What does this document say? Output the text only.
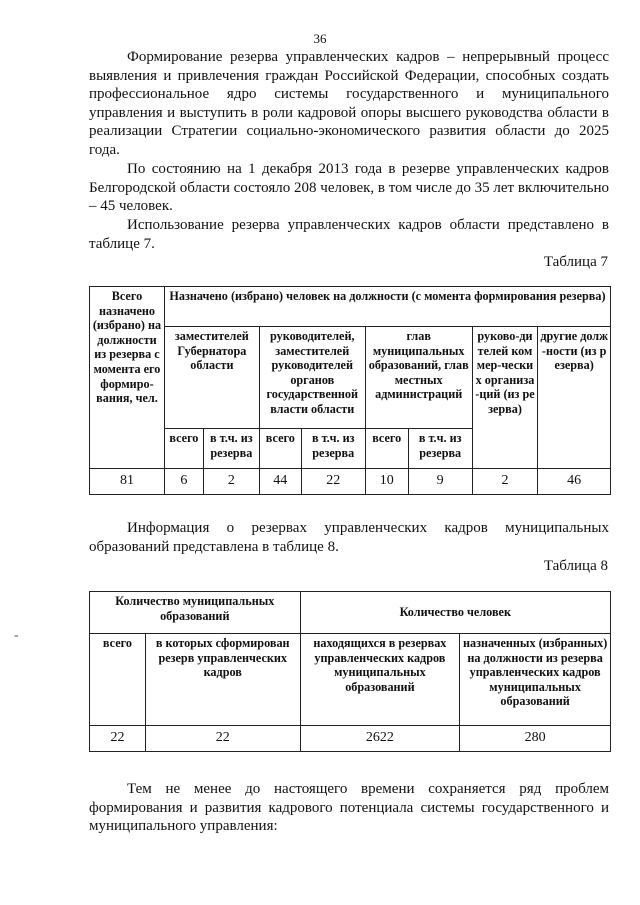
36

Формирование резерва управленческих кадров – непрерывный процесс выявления и привлечения граждан Российской Федерации, способных создать профессиональное ядро системы государственного и муниципального управления и выступить в роли кадровой опоры высшего руководства области в реализации Стратегии социально-экономического развития области до 2025 года.

По состоянию на 1 декабря 2013 года в резерве управленческих кадров Белгородской области состояло 208 человек, в том числе до 35 лет включительно – 45 человек.

Использование резерва управленческих кадров области представлено в таблице 7.

Таблица 7
Всего назначено (избрано) на должности из резерва с момента его формиро-вания, чел.	Назначено (избрано) человек на должности (с момента формирования резерва)							
	заместителей Губернатора области		руководителей, заместителей руководителей органов государственной власти области		глав муниципальных образований, глав местных администраций		руково-дителей коммер-ческих организа-ций (из резерва)	другие долж-ности (из резерва)
	всего	в т.ч. из резерва	всего	в т.ч. из резерва	всего	в т.ч. из резерва		
81	6	2	44	22	10	9	2	46

Информация о резервах управленческих кадров муниципальных образований представлена в таблице 8.

Таблица 8
Количество муниципальных образований		Количество человек	
всего	в которых сформирован резерв управленческих кадров	находящихся в резервах управленческих кадров муниципальных образований	назначенных (избранных) на должности из резерва управленческих кадров муниципальных образований
22	22	2622	280

Тем не менее до настоящего времени сохраняется ряд проблем формирования и развития кадрового потенциала системы государственного и муниципального управления:

-
